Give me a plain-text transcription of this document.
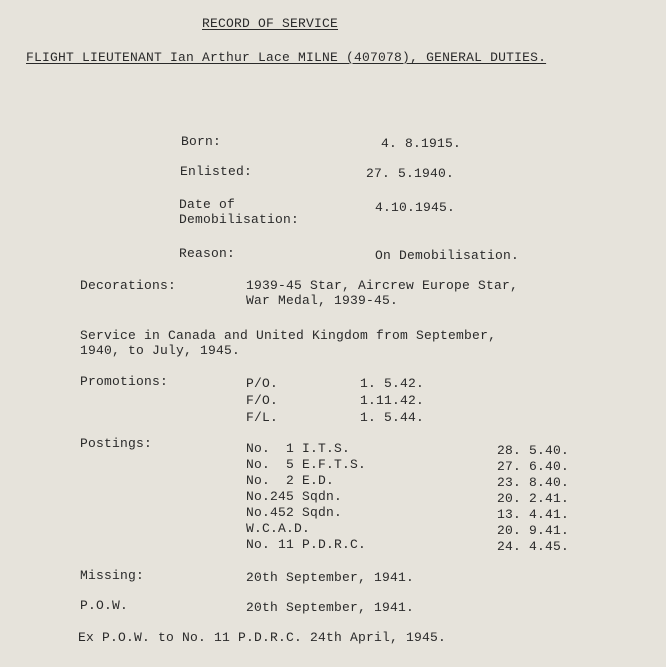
RECORD OF SERVICE
FLIGHT LIEUTENANT Ian Arthur Lace MILNE (407078), GENERAL DUTIES.
Born:	4. 8.1915.
Enlisted:	27. 5.1940.
Date of
Demobilisation:
4.10.1945.
Reason:	On Demobilisation.
Decorations:	1939-45 Star, Aircrew Europe Star,
War Medal, 1939-45.
Service in Canada and United Kingdom from September,
1940, to July, 1945.
Promotions:	P/O.	1. 5.42.
F/O.	1.11.42.
F/L.	1. 5.44.
Postings:	No.  1 I.T.S.	28. 5.40.
No.  5 E.F.T.S.	27. 6.40.
No.  2 E.D.	23. 8.40.
No.245 Sqdn.	20. 2.41.
No.452 Sqdn.	13. 4.41.
W.C.A.D.	20. 9.41.
No. 11 P.D.R.C.	24. 4.45.
Missing:	20th September, 1941.
P.O.W.	20th September, 1941.
Ex P.O.W. to No. 11 P.D.R.C. 24th April, 1945.
